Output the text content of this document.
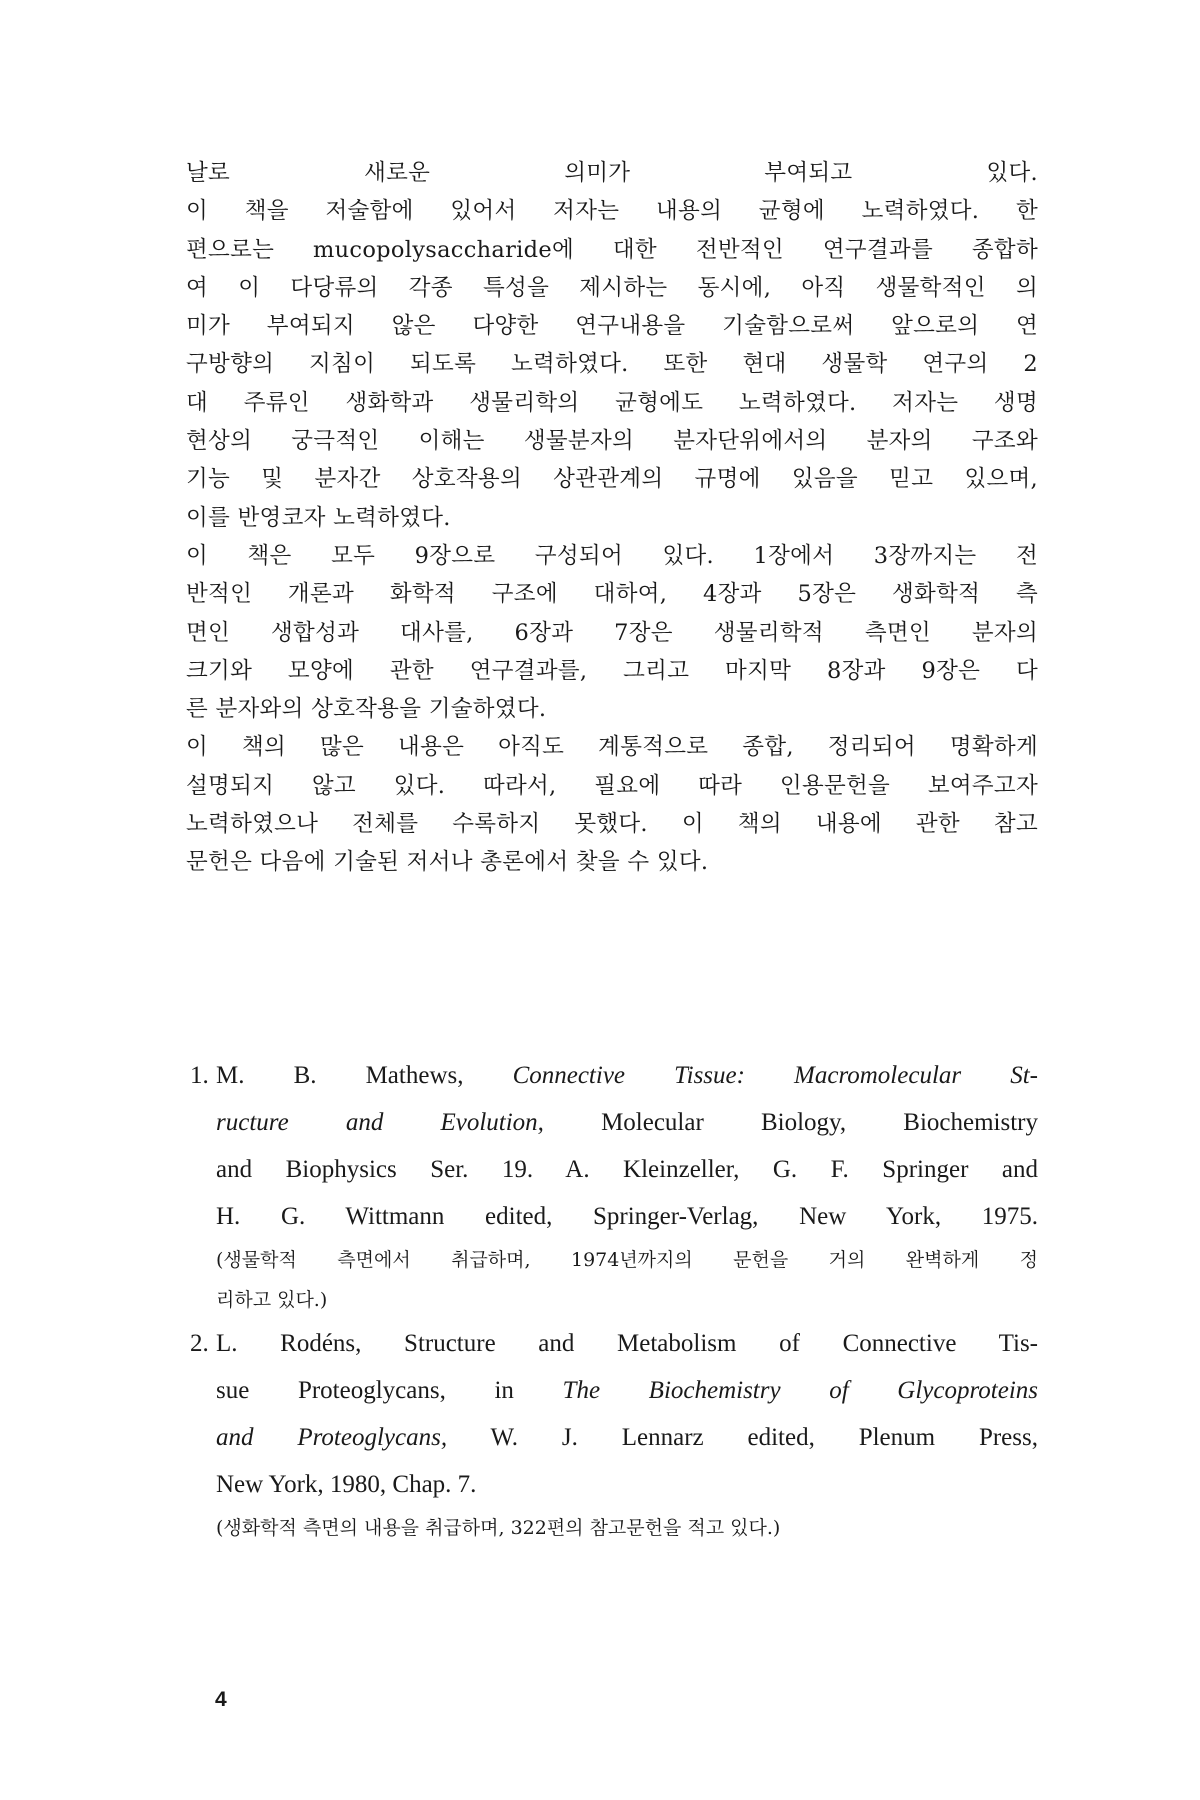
날로 새로운 의미가 부여되고 있다.
이 책을 저술함에 있어서 저자는 내용의 균형에 노력하였다. 한
편으로는 mucopolysaccharide에 대한 전반적인 연구결과를 종합하
여 이 다당류의 각종 특성을 제시하는 동시에, 아직 생물학적인 의
미가 부여되지 않은 다양한 연구내용을 기술함으로써 앞으로의 연
구방향의 지침이 되도록 노력하였다. 또한 현대 생물학 연구의 2
대 주류인 생화학과 생물리학의 균형에도 노력하였다. 저자는 생명
현상의 궁극적인 이해는 생물분자의 분자단위에서의 분자의 구조와
기능 및 분자간 상호작용의 상관관계의 규명에 있음을 믿고 있으며,
이를 반영코자 노력하였다.
이 책은 모두 9장으로 구성되어 있다. 1장에서 3장까지는 전
반적인 개론과 화학적 구조에 대하여, 4장과 5장은 생화학적 측
면인 생합성과 대사를, 6장과 7장은 생물리학적 측면인 분자의
크기와 모양에 관한 연구결과를, 그리고 마지막 8장과 9장은 다
른 분자와의 상호작용을 기술하였다.
이 책의 많은 내용은 아직도 계통적으로 종합, 정리되어 명확하게
설명되지 않고 있다. 따라서, 필요에 따라 인용문헌을 보여주고자
노력하였으나 전체를 수록하지 못했다. 이 책의 내용에 관한 참고
문헌은 다음에 기술된 저서나 총론에서 찾을 수 있다.
1. M. B. Mathews, Connective Tissue: Macromolecular St-
ructure and Evolution, Molecular Biology, Biochemistry
and Biophysics Ser. 19. A. Kleinzeller, G. F. Springer and
H. G. Wittmann edited, Springer-Verlag, New York, 1975.
(생물학적 측면에서 취급하며, 1974년까지의 문헌을 거의 완벽하게 정
리하고 있다.)
2. L. Rodéns, Structure and Metabolism of Connective Tis-
sue Proteoglycans, in The Biochemistry of Glycoproteins
and Proteoglycans, W. J. Lennarz edited, Plenum Press,
New York, 1980, Chap. 7.
(생화학적 측면의 내용을 취급하며, 322편의 참고문헌을 적고 있다.)
4
